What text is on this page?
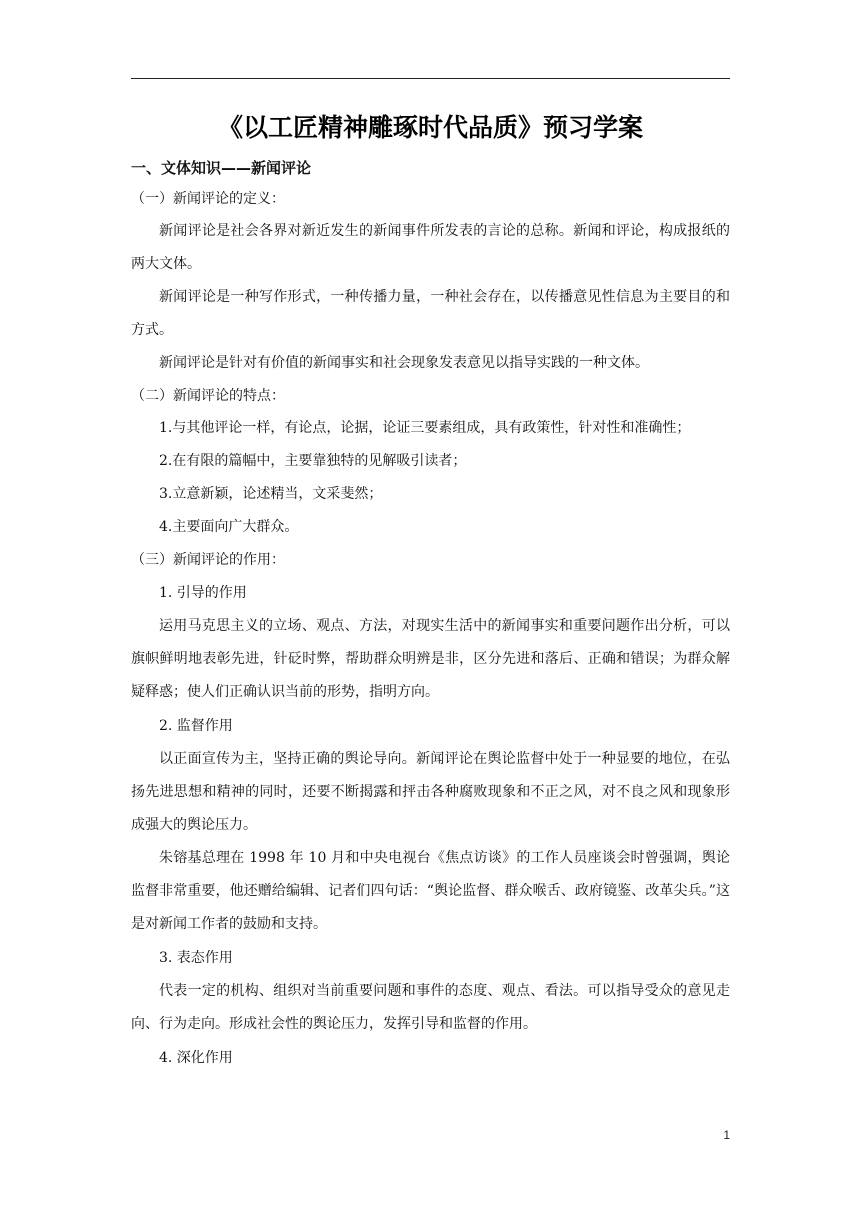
《以工匠精神雕琢时代品质》预习学案
一、文体知识——新闻评论
（一）新闻评论的定义：
新闻评论是社会各界对新近发生的新闻事件所发表的言论的总称。新闻和评论，构成报纸的两大文体。
新闻评论是一种写作形式，一种传播力量，一种社会存在，以传播意见性信息为主要目的和方式。
新闻评论是针对有价值的新闻事实和社会现象发表意见以指导实践的一种文体。
（二）新闻评论的特点：
1.与其他评论一样，有论点，论据，论证三要素组成，具有政策性，针对性和准确性；
2.在有限的篇幅中，主要靠独特的见解吸引读者；
3.立意新颖，论述精当，文采斐然；
4.主要面向广大群众。
（三）新闻评论的作用：
1. 引导的作用
运用马克思主义的立场、观点、方法，对现实生活中的新闻事实和重要问题作出分析，可以旗帜鲜明地表彰先进，针砭时弊，帮助群众明辨是非，区分先进和落后、正确和错误；为群众解疑释惑；使人们正确认识当前的形势，指明方向。
2. 监督作用
以正面宣传为主，坚持正确的舆论导向。新闻评论在舆论监督中处于一种显要的地位，在弘扬先进思想和精神的同时，还要不断揭露和抨击各种腐败现象和不正之风，对不良之风和现象形成强大的舆论压力。
朱镕基总理在 1998 年 10 月和中央电视台《焦点访谈》的工作人员座谈会时曾强调，舆论监督非常重要，他还赠给编辑、记者们四句话：“舆论监督、群众喉舌、政府镜鉴、改革尖兵。”这是对新闻工作者的鼓励和支持。
3. 表态作用
代表一定的机构、组织对当前重要问题和事件的态度、观点、看法。可以指导受众的意见走向、行为走向。形成社会性的舆论压力，发挥引导和监督的作用。
4. 深化作用
1
